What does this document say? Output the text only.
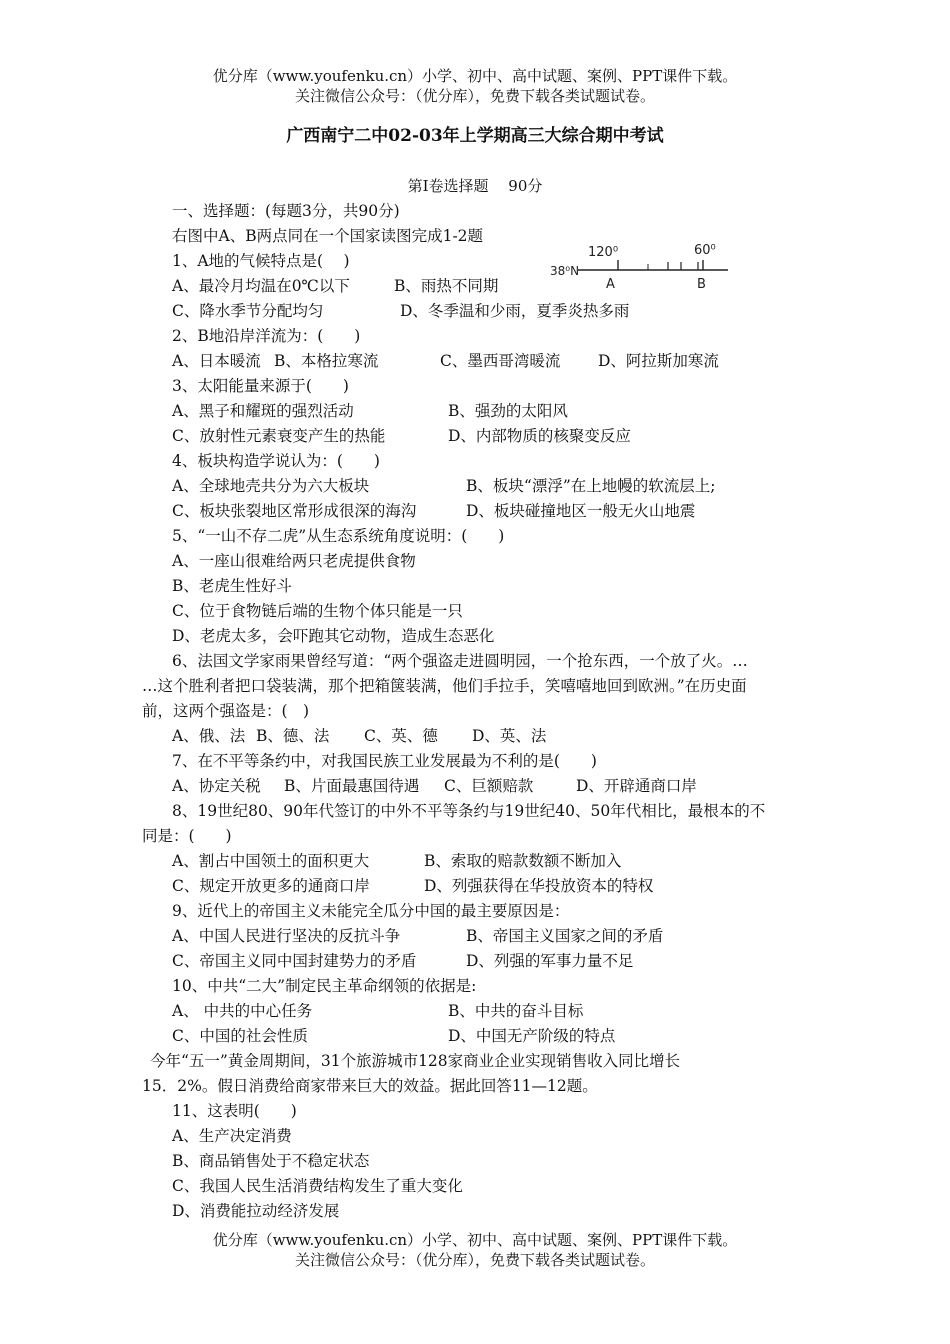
优分库（www.youfenku.cn）小学、初中、高中试题、案例、PPT课件下载。
关注微信公众号：（优分库），免费下载各类试题试卷。
广西南宁二中02-03年上学期高三大综合期中考试
第Ⅰ卷选择题　 90分
一、选择题：(每题3分，共90分)
右图中A、B两点同在一个国家读图完成1-2题
38⁰N
120⁰	60⁰
A	B
1、A地的气候特点是(　 )
A、最冷月均温在0℃以下	B、雨热不同期
C、降水季节分配均匀	D、冬季温和少雨，夏季炎热多雨
2、B地沿岸洋流为：(　　)
A、日本暖流 B、本格拉寒流	C、墨西哥湾暖流 D、阿拉斯加寒流
3、太阳能量来源于(　　)
A、黑子和耀斑的强烈活动	B、强劲的太阳风
C、放射性元素衰变产生的热能	D、内部物质的核聚变反应
4、板块构造学说认为：(　　)
A、全球地壳共分为六大板块	B、板块“漂浮”在上地幔的软流层上;
C、板块张裂地区常形成很深的海沟	D、板块碰撞地区一般无火山地震
5、“一山不存二虎”从生态系统角度说明：(　　)
A、一座山很难给两只老虎提供食物
B、老虎生性好斗
C、位于食物链后端的生物个体只能是一只
D、老虎太多，会吓跑其它动物，造成生态恶化
6、法国文学家雨果曾经写道：“两个强盗走进圆明园，一个抢东西，一个放了火。…
…这个胜利者把口袋装满，那个把箱箧装满，他们手拉手，笑嘻嘻地回到欧洲。”在历史面
前，这两个强盗是：(　)
A、俄、法 B、德、法 C、英、德 D、英、法
7、在不平等条约中，对我国民族工业发展最为不利的是(　　)
A、协定关税 B、片面最惠国待遇 C、巨额赔款	D、开辟通商口岸
8、19世纪80、90年代签订的中外不平等条约与19世纪40、50年代相比，最根本的不
同是：(　　)
A、割占中国领土的面积更大	B、索取的赔款数额不断加入
C、规定开放更多的通商口岸	D、列强获得在华投放资本的特权
9、近代上的帝国主义未能完全瓜分中国的最主要原因是：
A、中国人民进行坚决的反抗斗争	B、帝国主义国家之间的矛盾
C、帝国主义同中国封建势力的矛盾	D、列强的军事力量不足
10、中共“二大”制定民主革命纲领的依据是:
A、 中共的中心任务	B、中共的奋斗目标
C、中国的社会性质	D、中国无产阶级的特点
今年“五一”黄金周期间，31个旅游城市128家商业企业实现销售收入同比增长
15．2%。假日消费给商家带来巨大的效益。据此回答11—12题。
11、这表明(　　)
A、生产决定消费
B、商品销售处于不稳定状态
C、我国人民生活消费结构发生了重大变化
D、消费能拉动经济发展
优分库（www.youfenku.cn）小学、初中、高中试题、案例、PPT课件下载。
关注微信公众号：（优分库），免费下载各类试题试卷。
